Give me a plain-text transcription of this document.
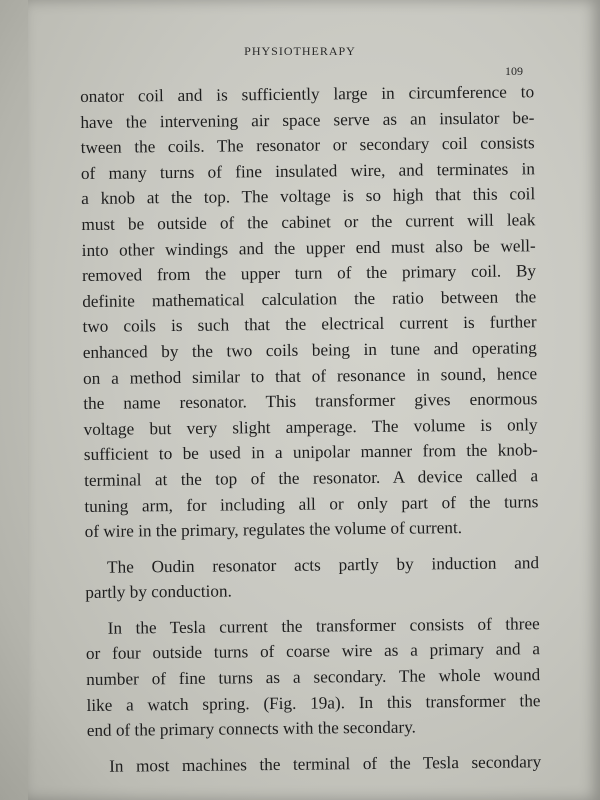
PHYSIOTHERAPY
109

onator coil and is sufficiently large in circumference to
have the intervening air space serve as an insulator be-
tween the coils. The resonator or secondary coil consists
of many turns of fine insulated wire, and terminates in
a knob at the top. The voltage is so high that this coil
must be outside of the cabinet or the current will leak
into other windings and the upper end must also be well-
removed from the upper turn of the primary coil. By
definite mathematical calculation the ratio between the
two coils is such that the electrical current is further
enhanced by the two coils being in tune and operating
on a method similar to that of resonance in sound, hence
the name resonator. This transformer gives enormous
voltage but very slight amperage. The volume is only
sufficient to be used in a unipolar manner from the knob-
terminal at the top of the resonator. A device called a
tuning arm, for including all or only part of the turns
of wire in the primary, regulates the volume of current.

The Oudin resonator acts partly by induction and
partly by conduction.

In the Tesla current the transformer consists of three
or four outside turns of coarse wire as a primary and a
number of fine turns as a secondary. The whole wound
like a watch spring. (Fig. 19a). In this transformer the
end of the primary connects with the secondary.

In most machines the terminal of the Tesla secondary
